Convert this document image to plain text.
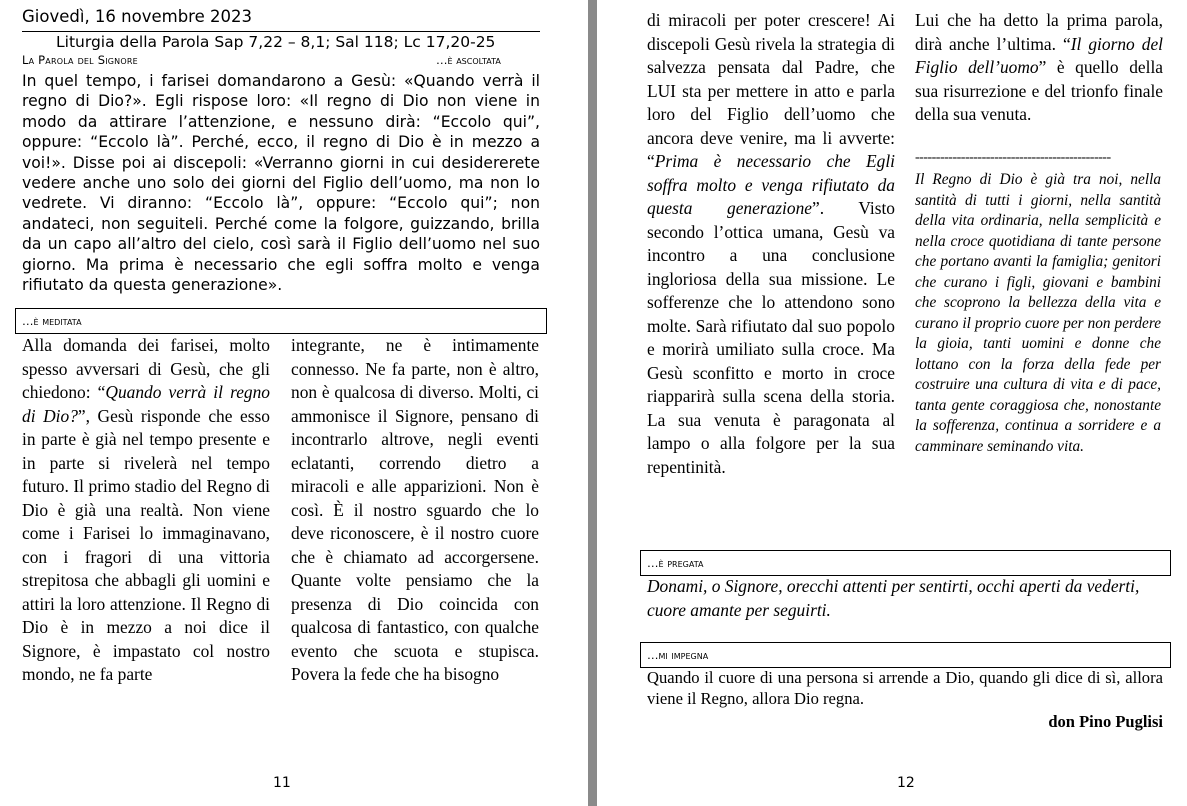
Giovedì, 16 novembre 2023
Liturgia della Parola Sap 7,22 – 8,1; Sal 118; Lc 17,20-25
La Parola del Signore	…è ascoltata
In quel tempo, i farisei domandarono a Gesù: «Quando verrà il regno di Dio?». Egli rispose loro: «Il regno di Dio non viene in modo da attirare l’attenzione, e nessuno dirà: “Eccolo qui”, oppure: “Eccolo là”. Perché, ecco, il regno di Dio è in mezzo a voi!». Disse poi ai discepoli: «Verranno giorni in cui desidererete vedere anche uno solo dei giorni del Figlio dell’uomo, ma non lo vedrete. Vi diranno: “Eccolo là”, oppure: “Eccolo qui”; non andateci, non seguiteli. Perché come la folgore, guizzando, brilla da un capo all’altro del cielo, così sarà il Figlio dell’uomo nel suo giorno. Ma prima è necessario che egli soffra molto e venga rifiutato da questa generazione».
…è meditata
Alla domanda dei farisei, molto spesso avversari di Gesù, che gli chiedono: “Quando verrà il regno di Dio?”, Gesù risponde che esso in parte è già nel tempo presente e in parte si rivelerà nel tempo futuro. Il primo stadio del Regno di Dio è già una realtà. Non viene come i Farisei lo immaginavano, con i fragori di una vittoria strepitosa che abbagli gli uomini e attiri la loro attenzione. Il Regno di Dio è in mezzo a noi dice il Signore, è impastato col nostro mondo, ne fa parte
integrante, ne è intimamente connesso. Ne fa parte, non è altro, non è qualcosa di diverso. Molti, ci ammonisce il Signore, pensano di incontrarlo altrove, negli eventi eclatanti, correndo dietro a miracoli e alle apparizioni. Non è così. È il nostro sguardo che lo deve riconoscere, è il nostro cuore che è chiamato ad accorgersene. Quante volte pensiamo che la presenza di Dio coincida con qualcosa di fantastico, con qualche evento che scuota e stupisca. Povera la fede che ha bisogno
11
di miracoli per poter crescere! Ai discepoli Gesù rivela la strategia di salvezza pensata dal Padre, che LUI sta per mettere in atto e parla loro del Figlio dell’uomo che ancora deve venire, ma li avverte: “Prima è necessario che Egli soffra molto e venga rifiutato da questa generazione”. Visto secondo l’ottica umana, Gesù va incontro a una conclusione ingloriosa della sua missione. Le sofferenze che lo attendono sono molte. Sarà rifiutato dal suo popolo e morirà umiliato sulla croce. Ma Gesù sconfitto e morto in croce riapparirà sulla scena della storia. La sua venuta è paragonata al lampo o alla folgore per la sua repentinità.
Lui che ha detto la prima parola, dirà anche l’ultima. “Il giorno del Figlio dell’uomo” è quello della sua risurrezione e del trionfo finale della sua venuta.
-----------------------------------------------
Il Regno di Dio è già tra noi, nella santità di tutti i giorni, nella santità della vita ordinaria, nella semplicità e nella croce quotidiana di tante persone che portano avanti la famiglia; genitori che curano i figli, giovani e bambini che scoprono la bellezza della vita e curano il proprio cuore per non perdere la gioia, tanti uomini e donne che lottano con la forza della fede per costruire una cultura di vita e di pace, tanta gente coraggiosa che, nonostante la sofferenza, continua a sorridere e a camminare seminando vita.
…è pregata
Donami, o Signore, orecchi attenti per sentirti, occhi aperti da vederti, cuore amante per seguirti.
…mi impegna
Quando il cuore di una persona si arrende a Dio, quando gli dice di sì, allora viene il Regno, allora Dio regna.
don Pino Puglisi
12
